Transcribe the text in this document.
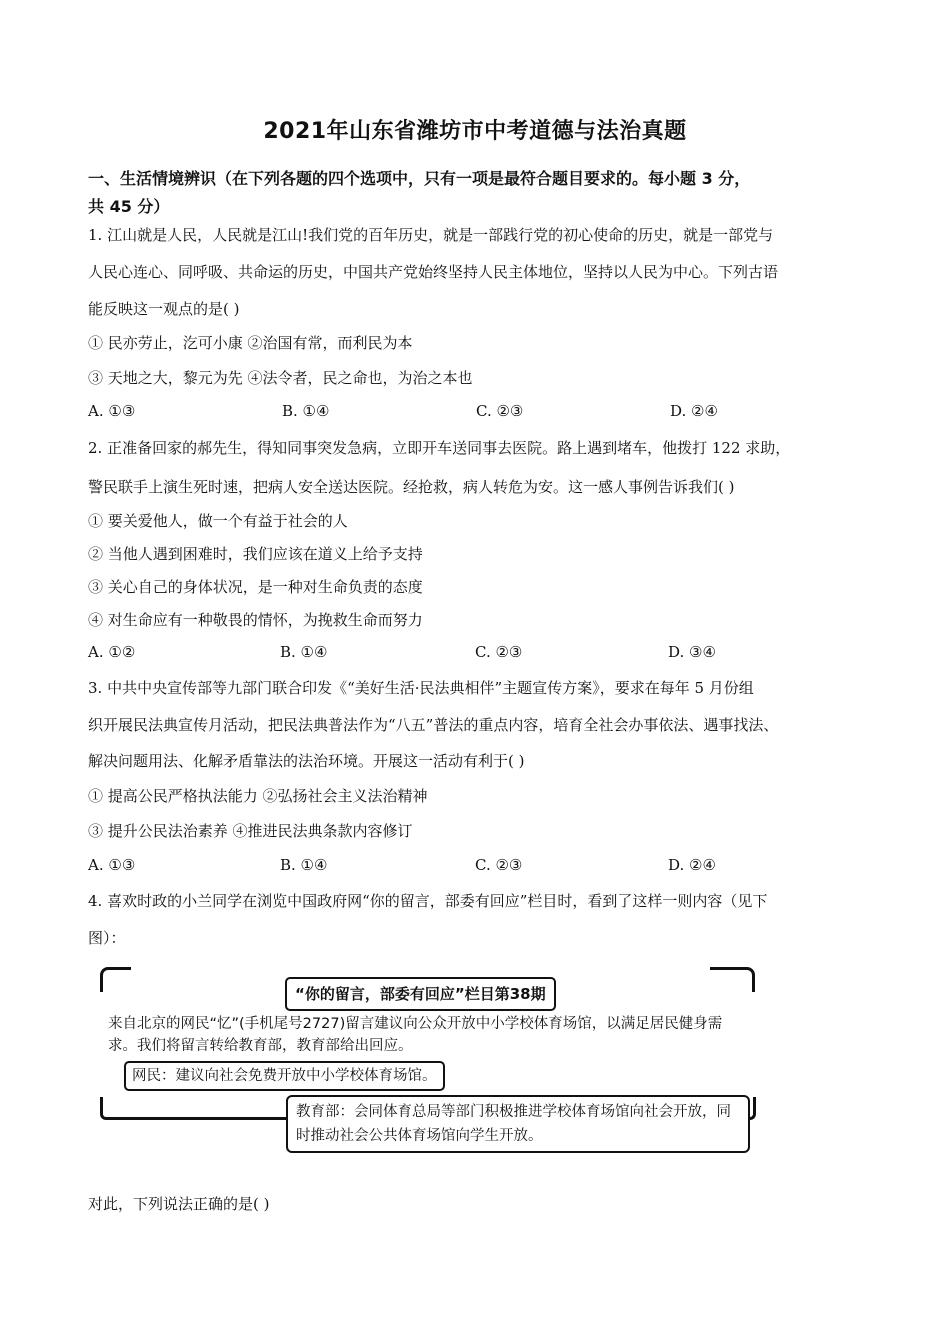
2021年山东省潍坊市中考道德与法治真题
一、生活情境辨识（在下列各题的四个选项中，只有一项是最符合题目要求的。每小题 3 分，
共 45 分）
1. 江山就是人民，人民就是江山!我们党的百年历史，就是一部践行党的初心使命的历史，就是一部党与
人民心连心、同呼吸、共命运的历史，中国共产党始终坚持人民主体地位，坚持以人民为中心。下列古语
能反映这一观点的是( )
① 民亦劳止，汔可小康 ②治国有常，而利民为本
③ 天地之大，黎元为先 ④法令者，民之命也，为治之本也
A. ①③	B. ①④	C. ②③	D. ②④
2. 正准备回家的郝先生，得知同事突发急病，立即开车送同事去医院。路上遇到堵车，他拨打 122 求助，
警民联手上演生死时速，把病人安全送达医院。经抢救，病人转危为安。这一感人事例告诉我们( )
① 要关爱他人，做一个有益于社会的人
② 当他人遇到困难时，我们应该在道义上给予支持
③ 关心自己的身体状况，是一种对生命负责的态度
④ 对生命应有一种敬畏的情怀，为挽救生命而努力
A. ①②	B. ①④	C. ②③	D. ③④
3. 中共中央宣传部等九部门联合印发《“美好生活·民法典相伴”主题宣传方案》，要求在每年 5 月份组
织开展民法典宣传月活动，把民法典普法作为“八五”普法的重点内容，培育全社会办事依法、遇事找法、
解决问题用法、化解矛盾靠法的法治环境。开展这一活动有利于( )
① 提高公民严格执法能力 ②弘扬社会主义法治精神
③ 提升公民法治素养 ④推进民法典条款内容修订
A. ①③	B. ①④	C. ②③	D. ②④
4. 喜欢时政的小兰同学在浏览中国政府网“你的留言，部委有回应”栏目时，看到了这样一则内容（见下
图）：
“你的留言，部委有回应”栏目第38期
来自北京的网民“忆”(手机尾号2727)留言建议向公众开放中小学校体育场馆，以满足居民健身需求。我们将留言转给教育部，教育部给出回应。
网民：建议向社会免费开放中小学校体育场馆。
教育部：会同体育总局等部门积极推进学校体育场馆向社会开放，同时推动社会公共体育场馆向学生开放。
对此，下列说法正确的是( )
